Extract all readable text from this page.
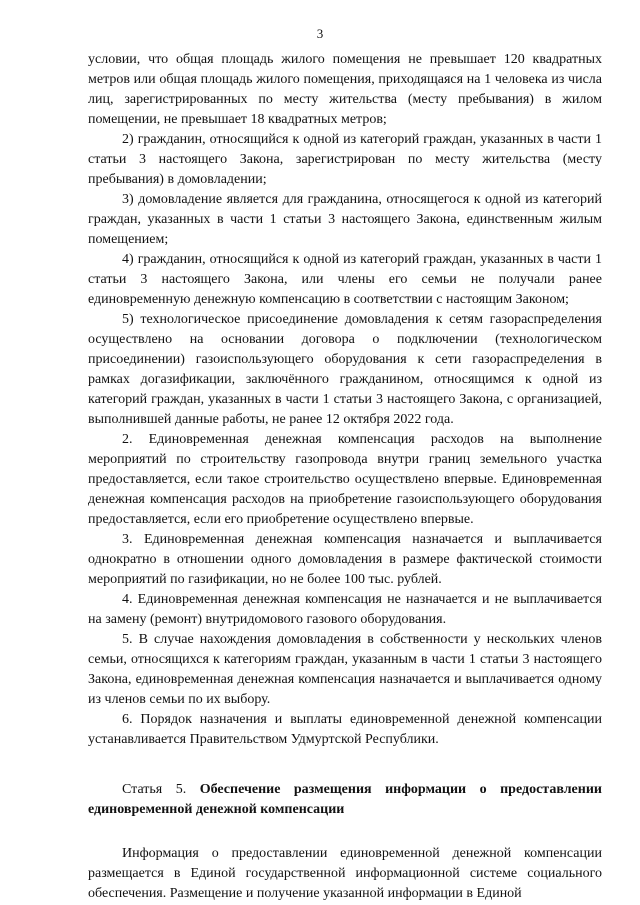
3

условии, что общая площадь жилого помещения не превышает 120 квадратных метров или общая площадь жилого помещения, приходящаяся на 1 человека из числа лиц, зарегистрированных по месту жительства (месту пребывания) в жилом помещении, не превышает 18 квадратных метров;

2) гражданин, относящийся к одной из категорий граждан, указанных в части 1 статьи 3 настоящего Закона, зарегистрирован по месту жительства (месту пребывания) в домовладении;

3) домовладение является для гражданина, относящегося к одной из категорий граждан, указанных в части 1 статьи 3 настоящего Закона, единственным жилым помещением;

4) гражданин, относящийся к одной из категорий граждан, указанных в части 1 статьи 3 настоящего Закона, или члены его семьи не получали ранее единовременную денежную компенсацию в соответствии с настоящим Законом;

5) технологическое присоединение домовладения к сетям газораспределения осуществлено на основании договора о подключении (технологическом присоединении) газоиспользующего оборудования к сети газораспределения в рамках догазификации, заключённого гражданином, относящимся к одной из категорий граждан, указанных в части 1 статьи 3 настоящего Закона, с организацией, выполнившей данные работы, не ранее 12 октября 2022 года.

2. Единовременная денежная компенсация расходов на выполнение мероприятий по строительству газопровода внутри границ земельного участка предоставляется, если такое строительство осуществлено впервые. Единовременная денежная компенсация расходов на приобретение газоиспользующего оборудования предоставляется, если его приобретение осуществлено впервые.

3. Единовременная денежная компенсация назначается и выплачивается однократно в отношении одного домовладения в размере фактической стоимости мероприятий по газификации, но не более 100 тыс. рублей.

4. Единовременная денежная компенсация не назначается и не выплачивается на замену (ремонт) внутридомового газового оборудования.

5. В случае нахождения домовладения в собственности у нескольких членов семьи, относящихся к категориям граждан, указанным в части 1 статьи 3 настоящего Закона, единовременная денежная компенсация назначается и выплачивается одному из членов семьи по их выбору.

6. Порядок назначения и выплаты единовременной денежной компенсации устанавливается Правительством Удмуртской Республики.

Статья 5. Обеспечение размещения информации о предоставлении единовременной денежной компенсации

Информация о предоставлении единовременной денежной компенсации размещается в Единой государственной информационной системе социального обеспечения. Размещение и получение указанной информации в Единой
